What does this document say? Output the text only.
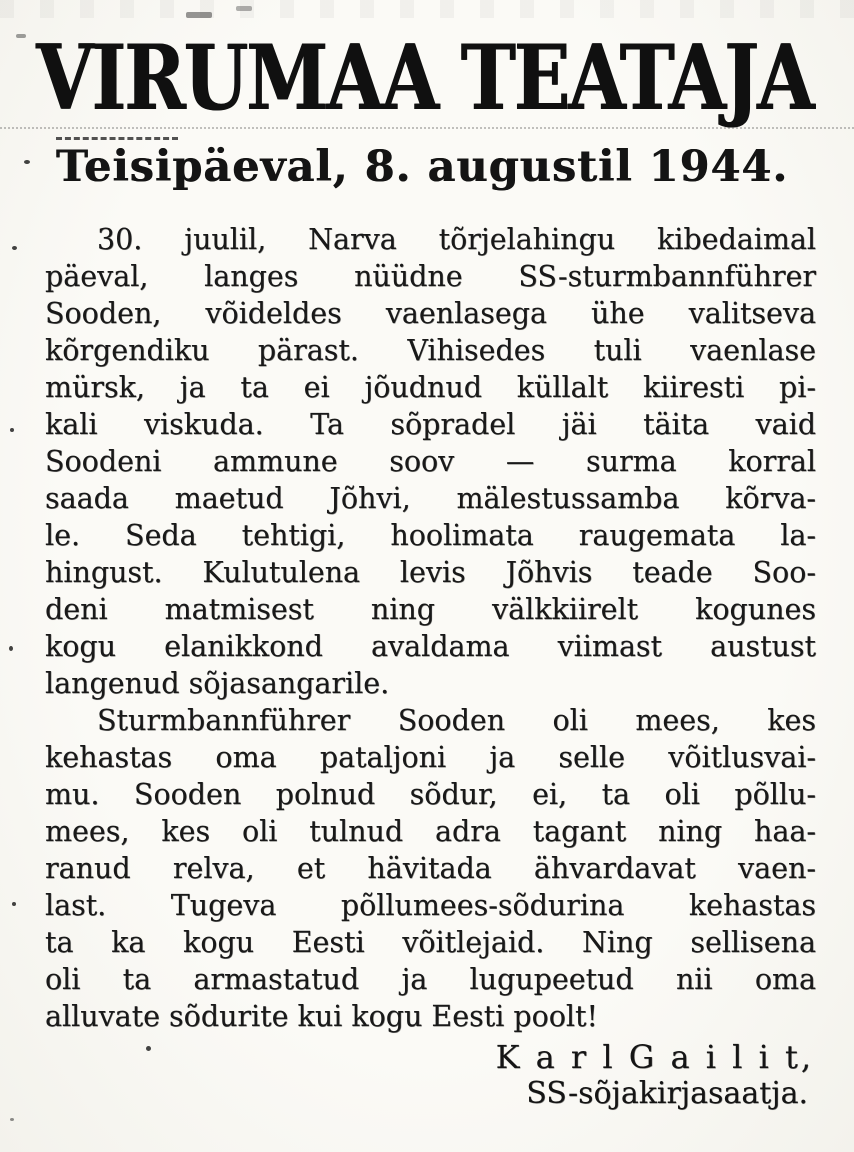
VIRUMAA TEATAJA
Teisipäeval, 8. augustil 1944.
30. juulil, Narva tõrjelahingu kibedaimal
päeval, langes nüüdne SS-sturmbannführer
Sooden, võideldes vaenlasega ühe valitseva
kõrgendiku pärast. Vihisedes tuli vaenlase
mürsk, ja ta ei jõudnud küllalt kiiresti pi-
kali viskuda. Ta sõpradel jäi täita vaid
Soodeni ammune soov — surma korral
saada maetud Jõhvi, mälestussamba kõrva-
le. Seda tehtigi, hoolimata raugemata la-
hingust. Kulutulena levis Jõhvis teade Soo-
deni matmisest ning välkkiirelt kogunes
kogu elanikkond avaldama viimast austust
langenud sõjasangarile.
Sturmbannführer Sooden oli mees, kes
kehastas oma pataljoni ja selle võitlusvai-
mu. Sooden polnud sõdur, ei, ta oli põllu-
mees, kes oli tulnud adra tagant ning haa-
ranud relva, et hävitada ähvardavat vaen-
last. Tugeva põllumees-sõdurina kehastas
ta ka kogu Eesti võitlejaid. Ning sellisena
oli ta armastatud ja lugupeetud nii oma
alluvate sõdurite kui kogu Eesti poolt!
K a r l G a i l i t,
SS-sõjakirjasaatja.
